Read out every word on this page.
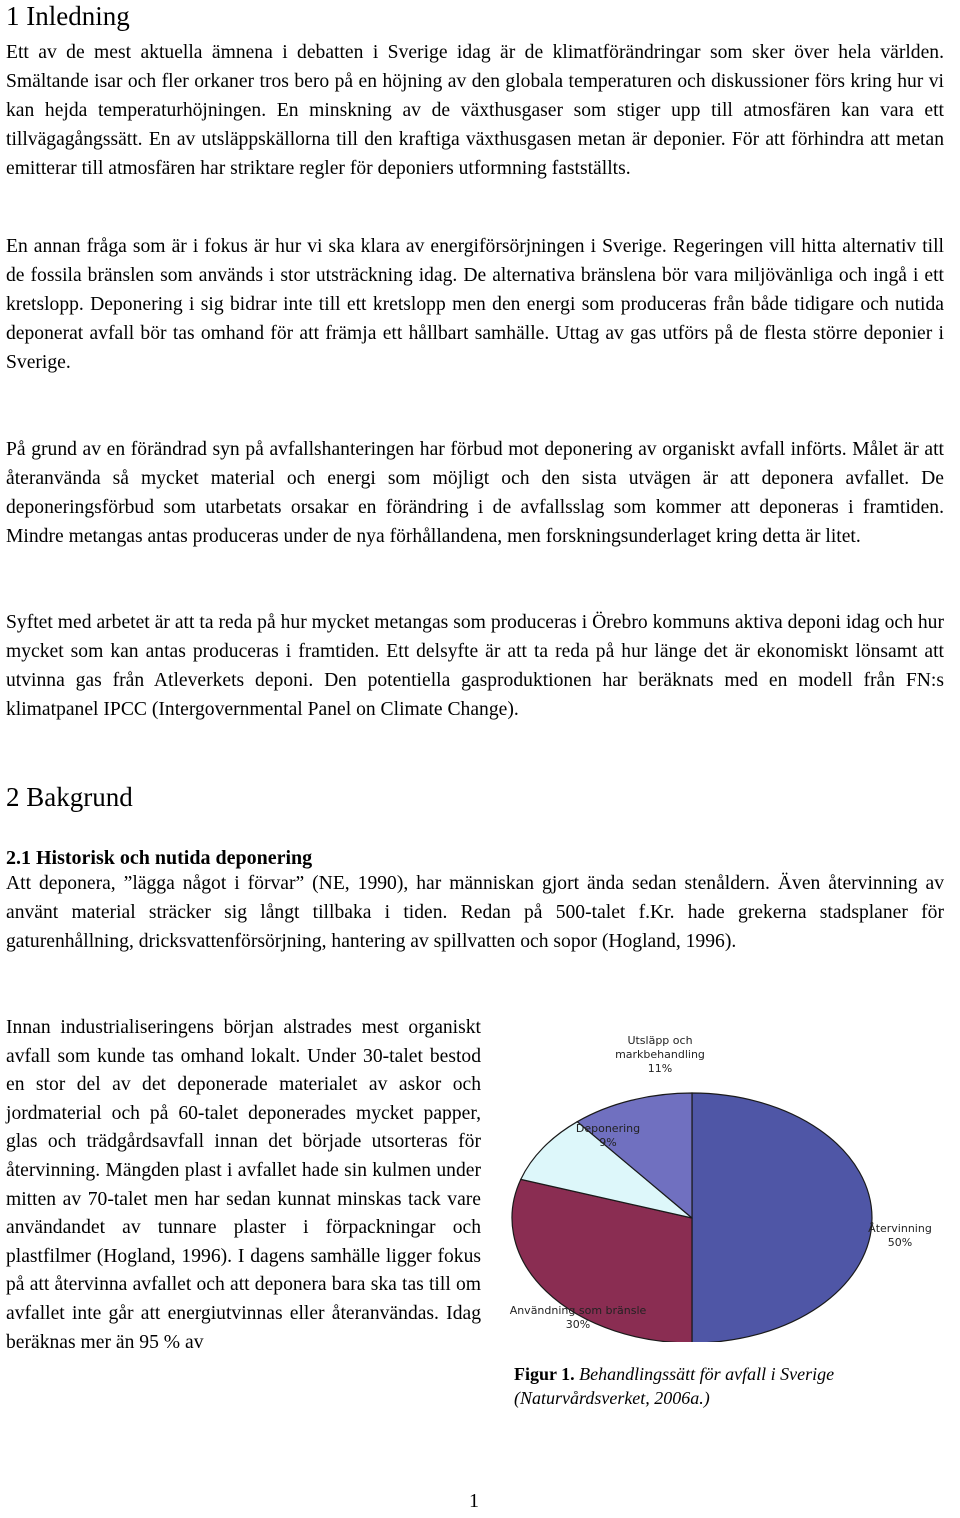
1 Inledning
Ett av de mest aktuella ämnena i debatten i Sverige idag är de klimatförändringar som sker över hela världen. Smältande isar och fler orkaner tros bero på en höjning av den globala temperaturen och diskussioner förs kring hur vi kan hejda temperaturhöjningen. En minskning av de växthusgaser som stiger upp till atmosfären kan vara ett tillvägagångssätt. En av utsläppskällorna till den kraftiga växthusgasen metan är deponier. För att förhindra att metan emitterar till atmosfären har striktare regler för deponiers utformning fastställts.
En annan fråga som är i fokus är hur vi ska klara av energiförsörjningen i Sverige. Regeringen vill hitta alternativ till de fossila bränslen som används i stor utsträckning idag. De alternativa bränslena bör vara miljövänliga och ingå i ett kretslopp. Deponering i sig bidrar inte till ett kretslopp men den energi som produceras från både tidigare och nutida deponerat avfall bör tas omhand för att främja ett hållbart samhälle. Uttag av gas utförs på de flesta större deponier i Sverige.
På grund av en förändrad syn på avfallshanteringen har förbud mot deponering av organiskt avfall införts. Målet är att återanvända så mycket material och energi som möjligt och den sista utvägen är att deponera avfallet. De deponeringsförbud som utarbetats orsakar en förändring i de avfallsslag som kommer att deponeras i framtiden. Mindre metangas antas produceras under de nya förhållandena, men forskningsunderlaget kring detta är litet.
Syftet med arbetet är att ta reda på hur mycket metangas som produceras i Örebro kommuns aktiva deponi idag och hur mycket som kan antas produceras i framtiden. Ett delsyfte är att ta reda på hur länge det är ekonomiskt lönsamt att utvinna gas från Atleverkets deponi. Den potentiella gasproduktionen har beräknats med en modell från FN:s klimatpanel IPCC (Intergovernmental Panel on Climate Change).
2 Bakgrund
2.1 Historisk och nutida deponering
Att deponera, ”lägga något i förvar” (NE, 1990), har människan gjort ända sedan stenåldern. Även återvinning av använt material sträcker sig långt tillbaka i tiden. Redan på 500-talet f.Kr. hade grekerna stadsplaner för gaturenhållning, dricksvattenförsörjning, hantering av spillvatten och sopor (Hogland, 1996).
Innan industrialiseringens början alstrades mest organiskt avfall som kunde tas omhand lokalt. Under 30-talet bestod en stor del av det deponerade materialet av askor och jordmaterial och på 60-talet deponerades mycket papper, glas och trädgårdsavfall innan det började utsorteras för återvinning. Mängden plast i avfallet hade sin kulmen under mitten av 70-talet men har sedan kunnat minskas tack vare användandet av tunnare plaster i förpackningar och plastfilmer (Hogland, 1996). I dagens samhälle ligger fokus på att återvinna avfallet och att deponera bara ska tas till om avfallet inte går att energiutvinnas eller återanvändas. Idag beräknas mer än 95 % av
Återvinning
50%
Användning som bränsle
30%
Deponering
9%
Utsläpp och
markbehandling
11%
Figur 1. Behandlingssätt för avfall i Sverige (Naturvårdsverket, 2006a.)
1
